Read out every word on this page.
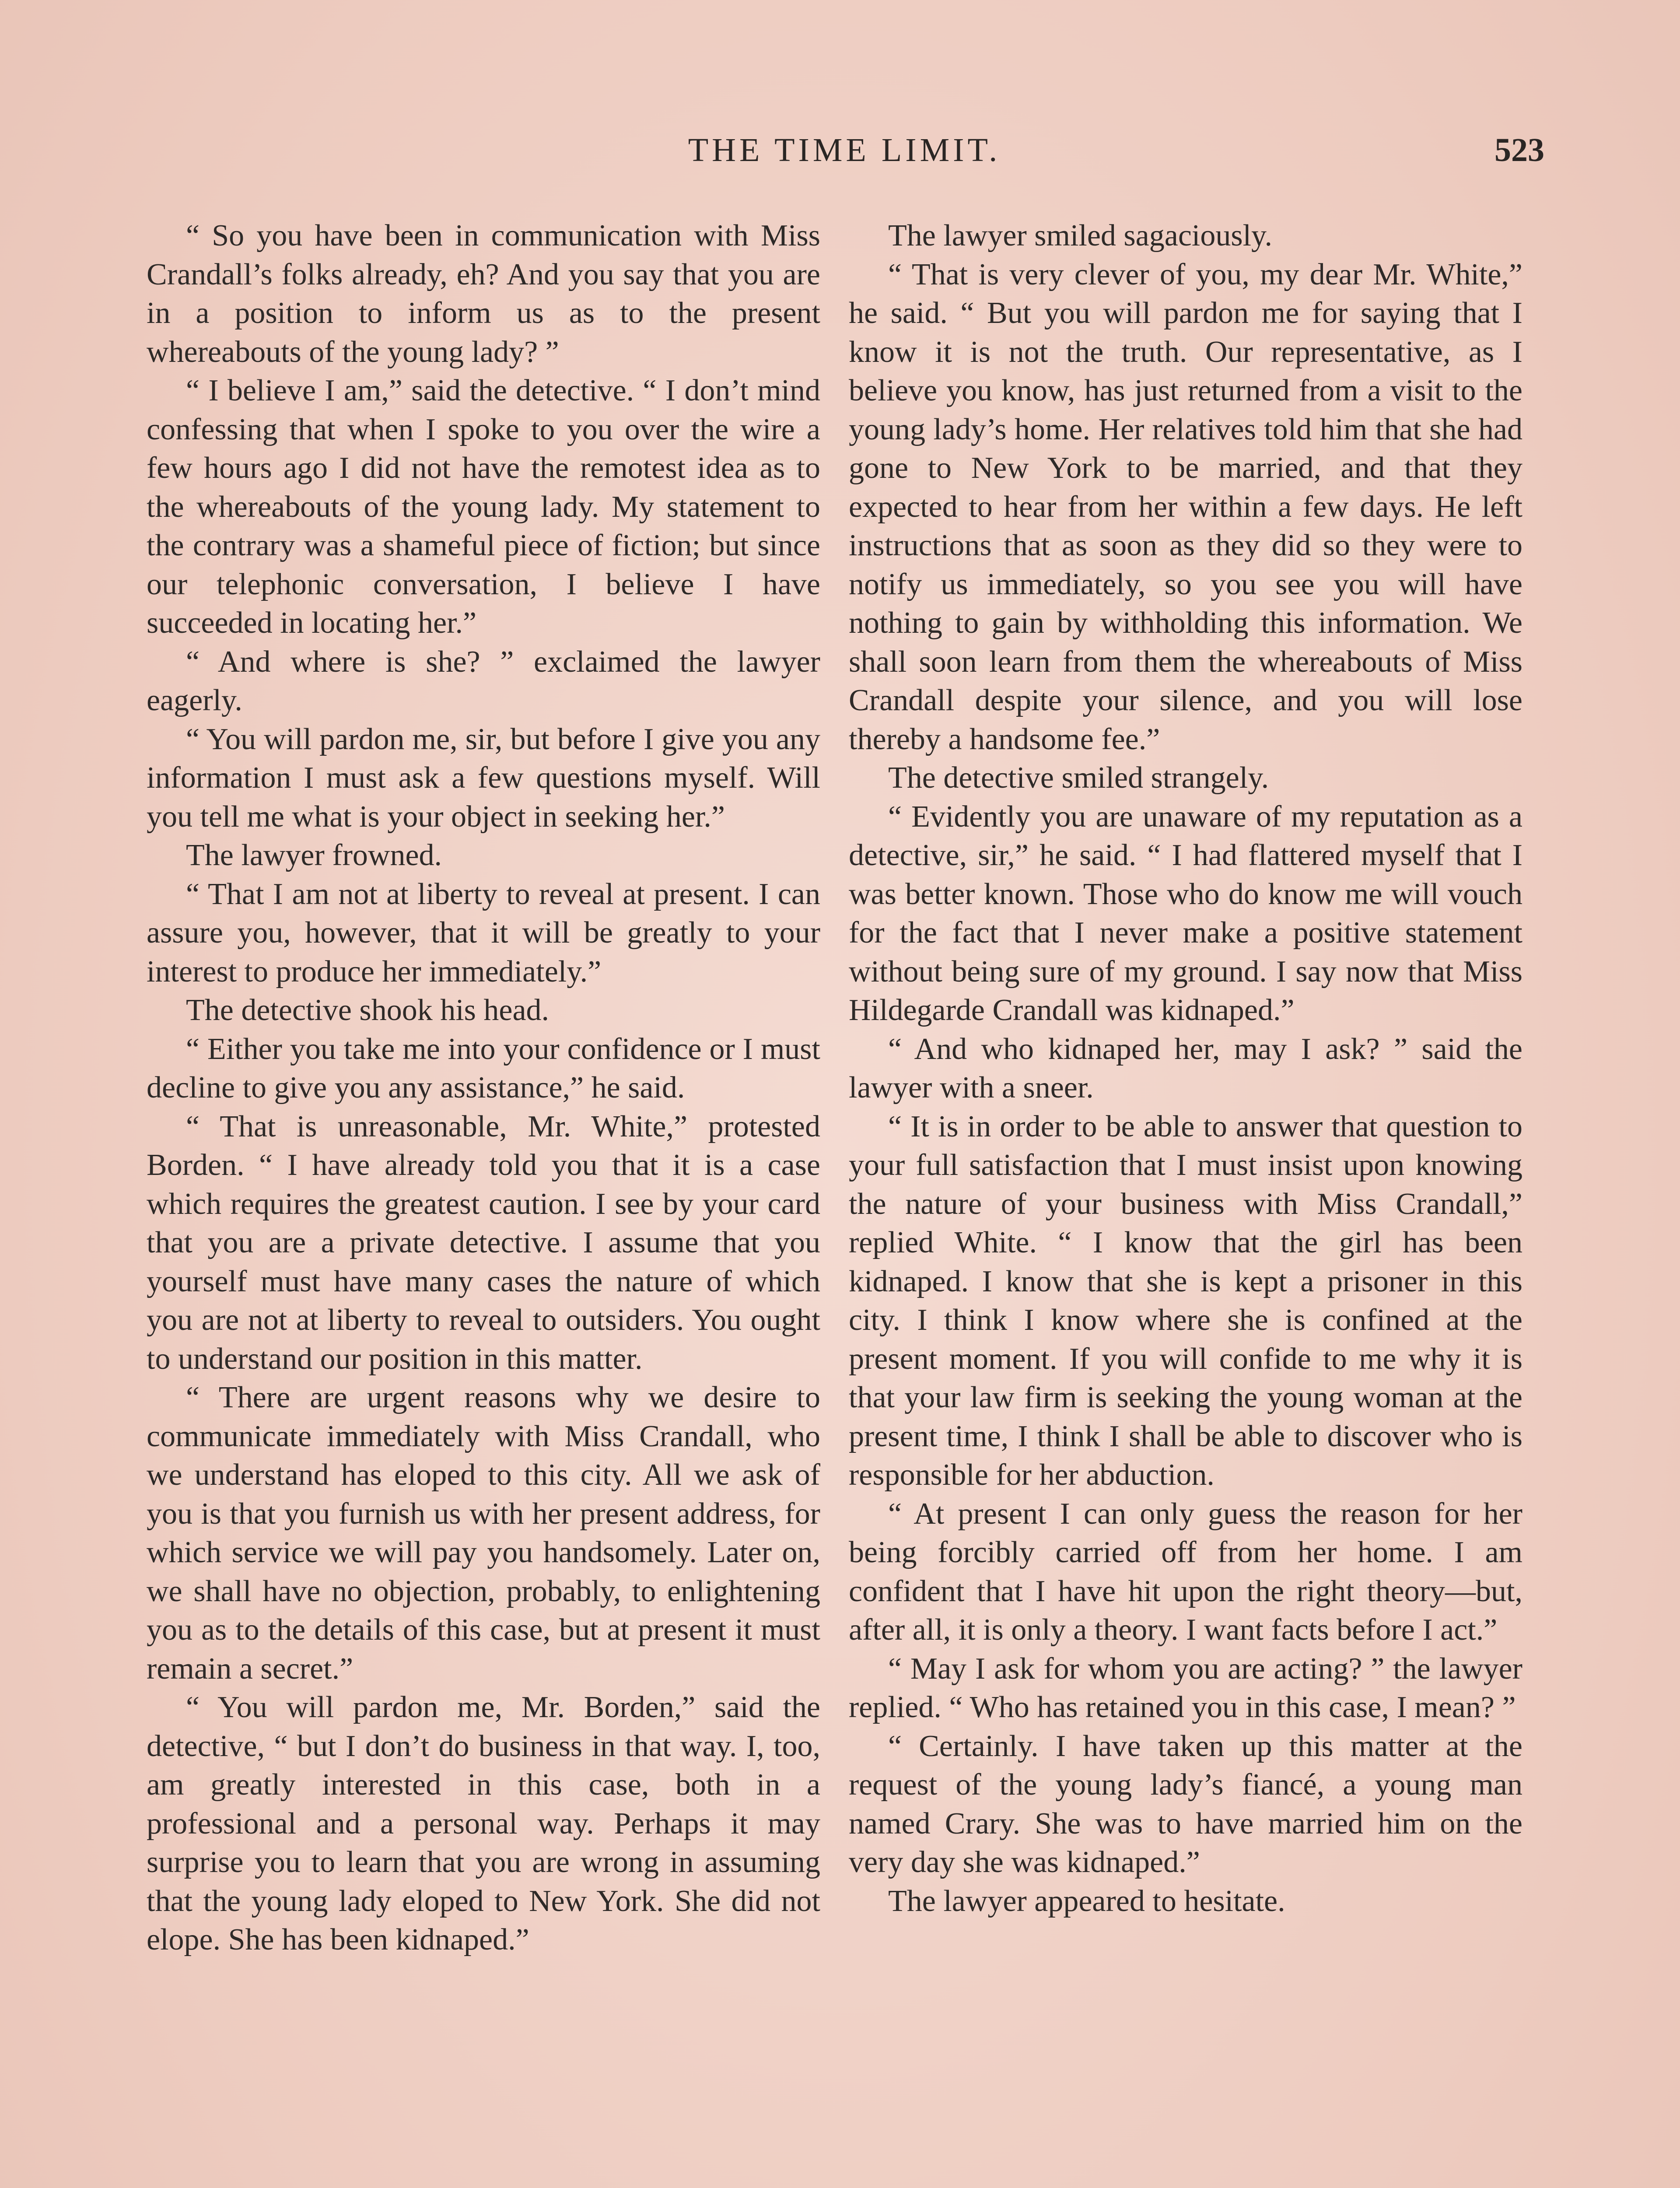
THE TIME LIMIT.	523

“ So you have been in communication with Miss Crandall’s folks already, eh? And you say that you are in a position to inform us as to the present whereabouts of the young lady? ”

“ I believe I am,” said the detective. “ I don’t mind confessing that when I spoke to you over the wire a few hours ago I did not have the remotest idea as to the whereabouts of the young lady. My statement to the contrary was a shameful piece of fiction; but since our telephonic conversation, I believe I have succeeded in locating her.”

“ And where is she? ” exclaimed the lawyer eagerly.

“ You will pardon me, sir, but before I give you any information I must ask a few questions myself. Will you tell me what is your object in seeking her.”

The lawyer frowned.

“ That I am not at liberty to reveal at present. I can assure you, however, that it will be greatly to your interest to produce her immediately.”

The detective shook his head.

“ Either you take me into your confidence or I must decline to give you any assistance,” he said.

“ That is unreasonable, Mr. White,” protested Borden. “ I have already told you that it is a case which requires the greatest caution. I see by your card that you are a private detective. I assume that you yourself must have many cases the nature of which you are not at liberty to reveal to outsiders. You ought to understand our position in this matter.

“ There are urgent reasons why we desire to communicate immediately with Miss Crandall, who we understand has eloped to this city. All we ask of you is that you furnish us with her present address, for which service we will pay you handsomely. Later on, we shall have no objection, probably, to enlightening you as to the details of this case, but at present it must remain a secret.”

“ You will pardon me, Mr. Borden,” said the detective, “ but I don’t do business in that way. I, too, am greatly interested in this case, both in a professional and a personal way. Perhaps it may surprise you to learn that you are wrong in assuming that the young lady eloped to New York. She did not elope. She has been kidnaped.”

The lawyer smiled sagaciously.

“ That is very clever of you, my dear Mr. White,” he said. “ But you will pardon me for saying that I know it is not the truth. Our representative, as I believe you know, has just returned from a visit to the young lady’s home. Her relatives told him that she had gone to New York to be married, and that they expected to hear from her within a few days. He left instructions that as soon as they did so they were to notify us immediately, so you see you will have nothing to gain by withholding this information. We shall soon learn from them the whereabouts of Miss Crandall despite your silence, and you will lose thereby a handsome fee.”

The detective smiled strangely.

“ Evidently you are unaware of my reputation as a detective, sir,” he said. “ I had flattered myself that I was better known. Those who do know me will vouch for the fact that I never make a positive statement without being sure of my ground. I say now that Miss Hildegarde Crandall was kidnaped.”

“ And who kidnaped her, may I ask? ” said the lawyer with a sneer.

“ It is in order to be able to answer that question to your full satisfaction that I must insist upon knowing the nature of your business with Miss Crandall,” replied White. “ I know that the girl has been kidnaped. I know that she is kept a prisoner in this city. I think I know where she is confined at the present moment. If you will confide to me why it is that your law firm is seeking the young woman at the present time, I think I shall be able to discover who is responsible for her abduction.

“ At present I can only guess the reason for her being forcibly carried off from her home. I am confident that I have hit upon the right theory—but, after all, it is only a theory. I want facts before I act.”

“ May I ask for whom you are acting? ” the lawyer replied. “ Who has retained you in this case, I mean? ”

“ Certainly. I have taken up this matter at the request of the young lady’s fiancé, a young man named Crary. She was to have married him on the very day she was kidnaped.”

The lawyer appeared to hesitate.
